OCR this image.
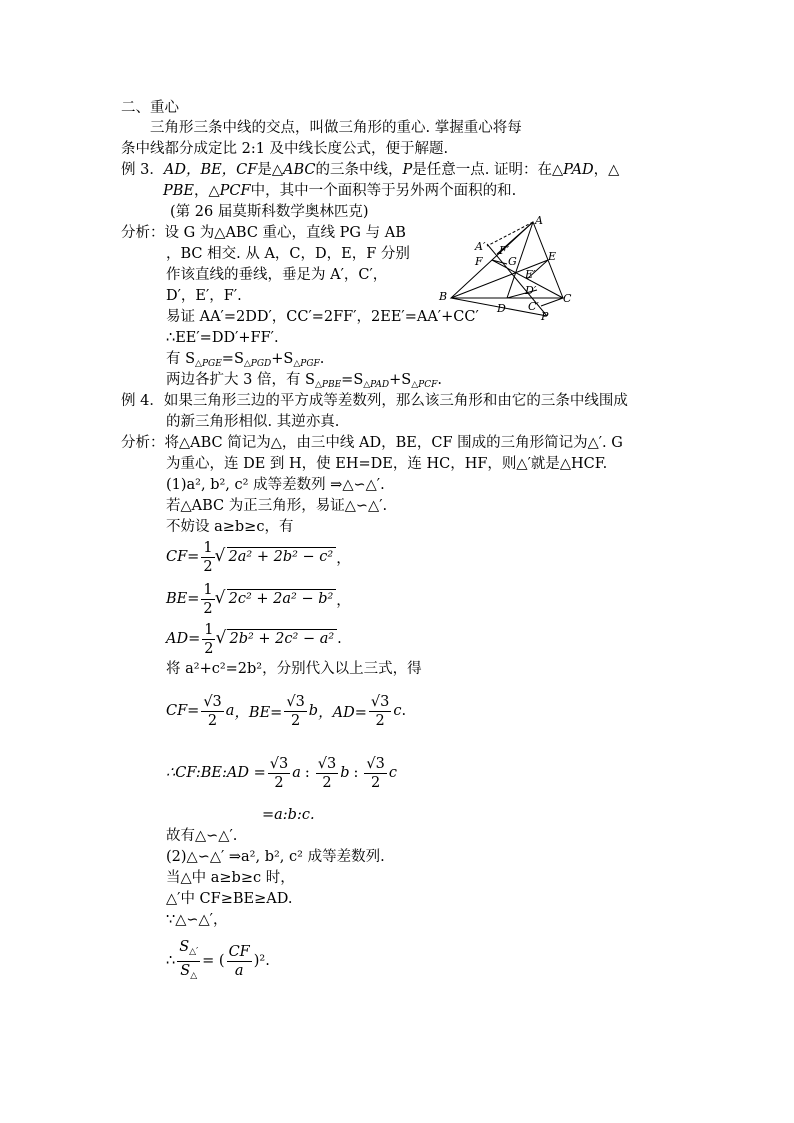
二、重心
三角形三条中线的交点，叫做三角形的重心. 掌握重心将每
条中线都分成定比 2:1 及中线长度公式，便于解题.
例 3．AD，BE，CF是△ABC的三条中线，P是任意一点. 证明：在△PAD，△
PBE，△PCF中，其中一个面积等于另外两个面积的和.
(第 26 届莫斯科数学奥林匹克)
分析：设 G 为△ABC 重心，直线 PG 与 AB
，BC 相交. 从 A，C，D，E，F 分别
作该直线的垂线，垂足为 A′，C′，
D′，E′，F′.
易证 AA′=2DD′，CC′=2FF′，2EE′=AA′+CC′
∴EE′=DD′+FF′.
有 $S_{\triangle PGE}=S_{\triangle PGD}+S_{\triangle PGF}$.
两边各扩大 3 倍，有 $S_{\triangle PBE}=S_{\triangle PAD}+S_{\triangle PCF}$.
A
B	C
D
E
F G
P
A′
C′
D′
E′
F′
例 4．如果三角形三边的平方成等差数列，那么该三角形和由它的三条中线围成
的新三角形相似. 其逆亦真.
分析：将△ABC 简记为△，由三中线 AD，BE，CF 围成的三角形简记为△′. G
为重心，连 DE 到 H，使 EH=DE，连 HC，HF，则△′就是△HCF.
(1)a², b², c² 成等差数列 ⇒△∽△′.
若△ABC 为正三角形，易证△∽△′.
不妨设 a≥b≥c，有
$CF= \frac{1}{2}$ √ 2a² + 2b² − c² ，
$BE= \frac{1}{2}$ √ 2c² + 2a² − b² ，
$AD= \frac{1}{2}$ √ 2b² + 2c² − a² .
将 a²+c²=2b²，分别代入以上三式，得
$CF= \frac{√3}{2}$ a ，$BE= \frac{√3}{2}$ b ，$AD= \frac{√3}{2}$ c .
∴CF:BE:AD = $\frac{√3}{2}$ a : $\frac{√3}{2}$ b : $\frac{√3}{2}$ c
=a:b:c.
故有△∽△′.
(2)△∽△′ ⇒a², b², c² 成等差数列.
当△中 a≥b≥c 时，
△′中 CF≥BE≥AD.
∵△∽△′，
∴ $\frac{S_{\triangle'}}{S_\triangle}$ = ( $\frac{CF}{a} )^2$.
